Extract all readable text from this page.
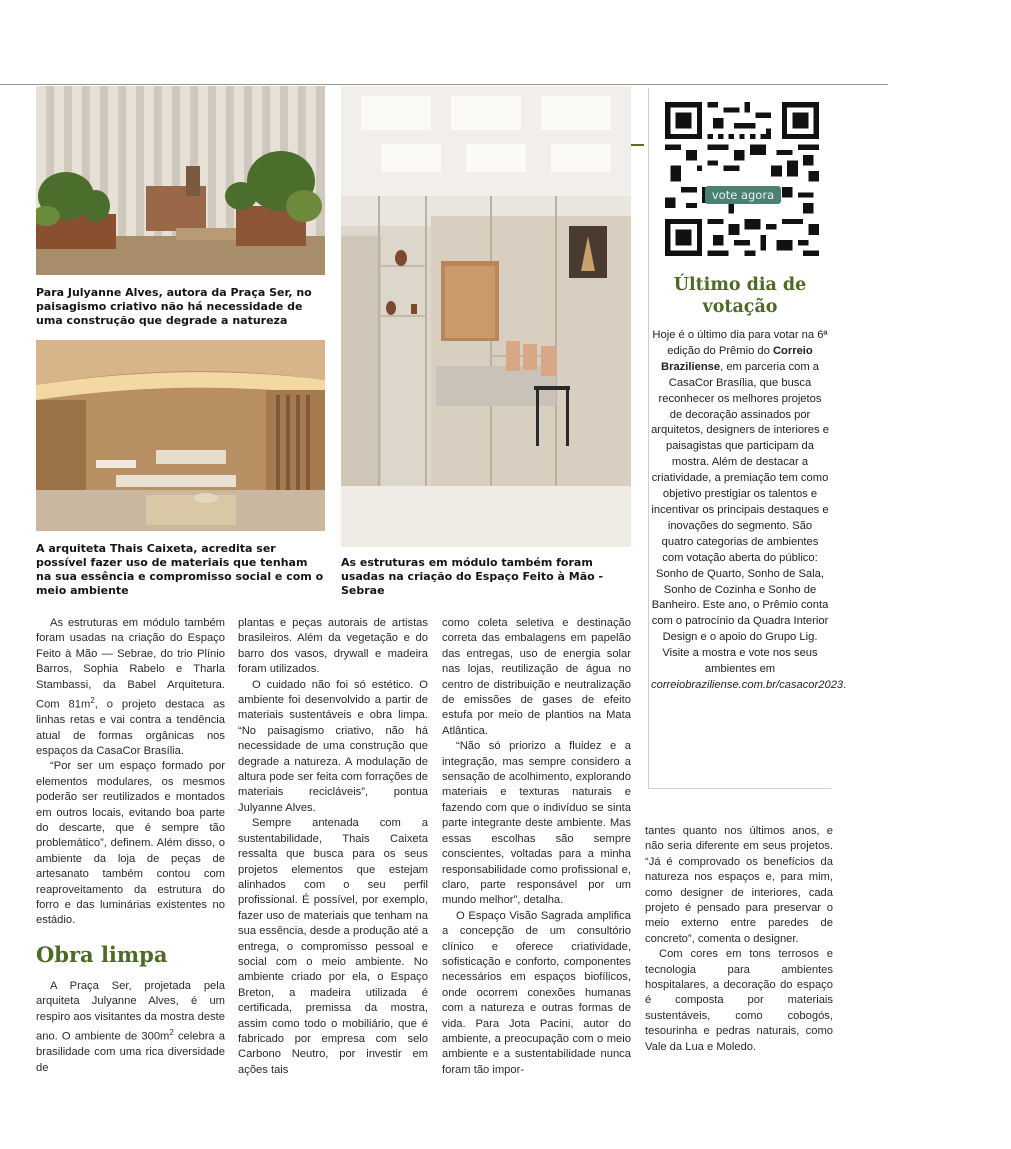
Para Julyanne Alves, autora da Praça Ser, no paisagismo criativo não há necessidade de uma construção que degrade a natureza

A arquiteta Thais Caixeta, acredita ser possível fazer uso de materiais que tenham na sua essência e compromisso social e com o meio ambiente

As estruturas em módulo também foram usadas na criação do Espaço Feito à Mão - Sebrae

As estruturas em módulo também foram usadas na criação do Espaço Feito à Mão — Sebrae, do trio Plínio Barros, Sophia Rabelo e Tharla Stambassi, da Babel Arquitetura. Com $81m^2$, o projeto destaca as linhas retas e vai contra a tendência atual de formas orgânicas nos espaços da CasaCor Brasília.

“Por ser um espaço formado por elementos modulares, os mesmos poderão ser reutilizados e montados em outros locais, evitando boa parte do descarte, que é sempre tão problemático”, definem. Além disso, o ambiente da loja de peças de artesanato também contou com reaproveitamento da estrutura do forro e das luminárias existentes no estádio.

Obra limpa

A Praça Ser, projetada pela arquiteta Julyanne Alves, é um respiro aos visitantes da mostra deste ano. O ambiente de $300m^2$ celebra a brasilidade com uma rica diversidade de

plantas e peças autorais de artistas brasileiros. Além da vegetação e do barro dos vasos, drywall e madeira foram utilizados.

O cuidado não foi só estético. O ambiente foi desenvolvido a partir de materiais sustentáveis e obra limpa. “No paisagismo criativo, não há necessidade de uma construção que degrade a natureza. A modulação de altura pode ser feita com forrações de materiais recicláveis”, pontua Julyanne Alves.

Sempre antenada com a sustentabilidade, Thais Caixeta ressalta que busca para os seus projetos elementos que estejam alinhados com o seu perfil profissional. É possível, por exemplo, fazer uso de materiais que tenham na sua essência, desde a produção até a entrega, o compromisso pessoal e social com o meio ambiente. No ambiente criado por ela, o Espaço Breton, a madeira utilizada é certificada, premissa da mostra, assim como todo o mobiliário, que é fabricado por empresa com selo Carbono Neutro, por investir em ações tais

como coleta seletiva e destinação correta das embalagens em papelão das entregas, uso de energia solar nas lojas, reutilização de água no centro de distribuição e neutralização de emissões de gases de efeito estufa por meio de plantios na Mata Atlântica.

“Não só priorizo a fluidez e a integração, mas sempre considero a sensação de acolhimento, explorando materiais e texturas naturais e fazendo com que o indivíduo se sinta parte integrante deste ambiente. Mas essas escolhas são sempre conscientes, voltadas para a minha responsabilidade como profissional e, claro, parte responsável por um mundo melhor”, detalha.

O Espaço Visão Sagrada amplifica a concepção de um consultório clínico e oferece criatividade, sofisticação e conforto, componentes necessários em espaços biofílicos, onde ocorrem conexões humanas com a natureza e outras formas de vida. Para Jota Pacini, autor do ambiente, a preocupação com o meio ambiente e a sustentabilidade nunca foram tão impor-

tantes quanto nos últimos anos, e não seria diferente em seus projetos. “Já é comprovado os benefícios da natureza nos espaços e, para mim, como designer de interiores, cada projeto é pensado para preservar o meio externo entre paredes de concreto”, comenta o designer.

Com cores em tons terrosos e tecnologia para ambientes hospitalares, a decoração do espaço é composta por materiais sustentáveis, como cobogós, tesourinha e pedras naturais, como Vale da Lua e Moledo.

vote agora
Último dia de votação

Hoje é o último dia para votar na 6ª edição do Prêmio do Correio Braziliense, em parceria com a CasaCor Brasília, que busca reconhecer os melhores projetos de decoração assinados por arquitetos, designers de interiores e paisagistas que participam da mostra. Além de destacar a criatividade, a premiação tem como objetivo prestigiar os talentos e incentivar os principais destaques e inovações do segmento. São quatro categorias de ambientes com votação aberta do público: Sonho de Quarto, Sonho de Sala, Sonho de Cozinha e Sonho de Banheiro. Este ano, o Prêmio conta com o patrocínio da Quadra Interior Design e o apoio do Grupo Lig. Visite a mostra e vote nos seus ambientes em correiobraziliense.com.br/casacor2023.
